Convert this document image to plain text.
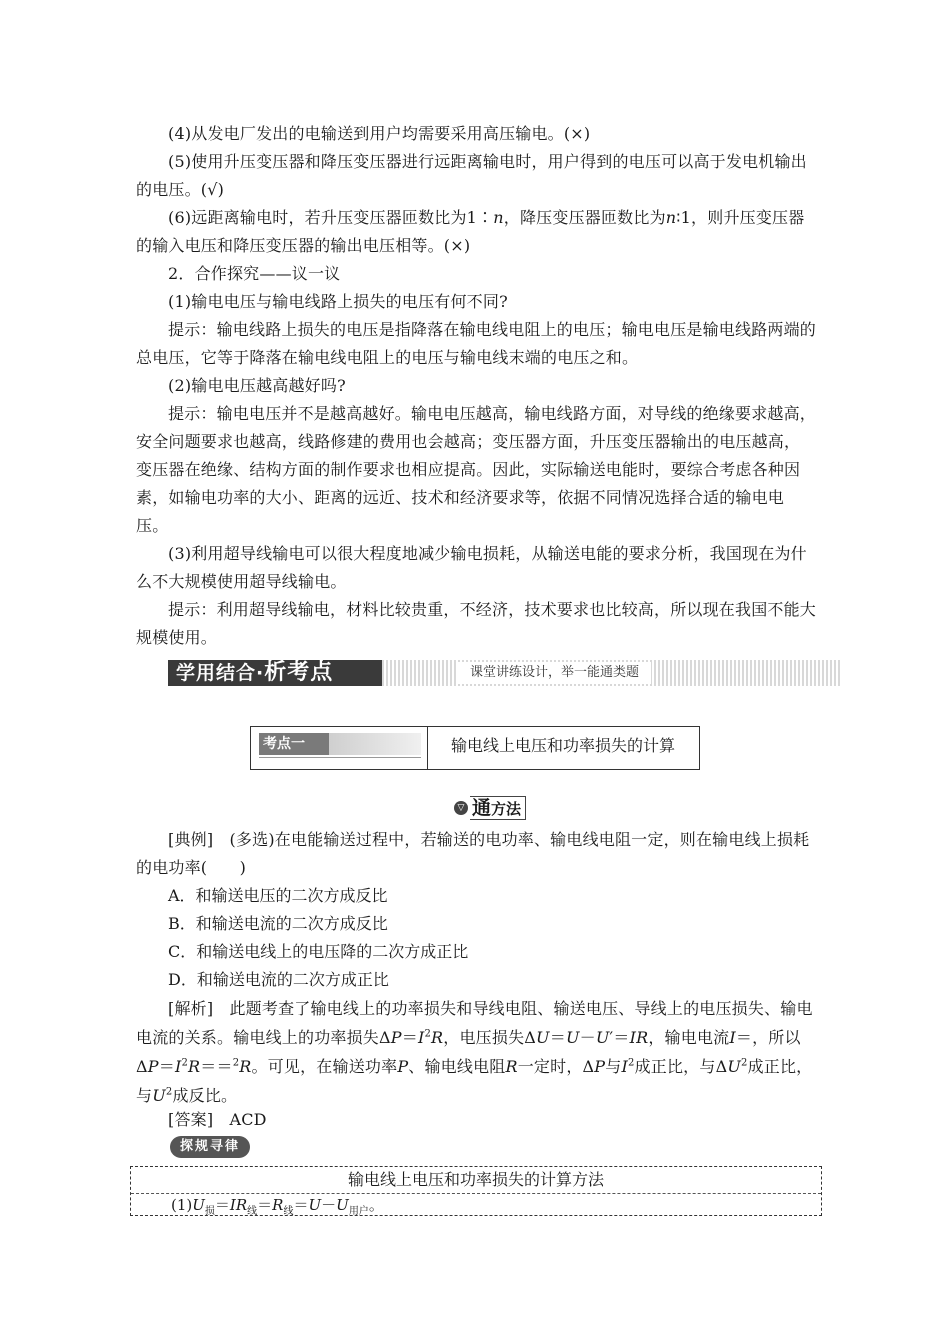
(4)从发电厂发出的电输送到用户均需要采用高压输电。(×)
(5)使用升压变压器和降压变压器进行远距离输电时，用户得到的电压可以高于发电机输出的电压。(√)
(6)远距离输电时，若升压变压器匝数比为1∶n，降压变压器匝数比为n∶1，则升压变压器的输入电压和降压变压器的输出电压相等。(×)
2．合作探究——议一议
(1)输电电压与输电线路上损失的电压有何不同?
提示：输电线路上损失的电压是指降落在输电线电阻上的电压；输电电压是输电线路两端的总电压，它等于降落在输电线电阻上的电压与输电线末端的电压之和。
(2)输电电压越高越好吗?
提示：输电电压并不是越高越好。输电电压越高，输电线路方面，对导线的绝缘要求越高，安全问题要求也越高，线路修建的费用也会越高；变压器方面，升压变压器输出的电压越高，变压器在绝缘、结构方面的制作要求也相应提高。因此，实际输送电能时，要综合考虑各种因素，如输电功率的大小、距离的远近、技术和经济要求等，依据不同情况选择合适的输电电压。
(3)利用超导线输电可以很大程度地减少输电损耗，从输送电能的要求分析，我国现在为什么不大规模使用超导线输电。
提示：利用超导线输电，材料比较贵重，不经济，技术要求也比较高，所以现在我国不能大规模使用。
学用结合·析考点	课堂讲练设计，举一能通类题
考点一	输电线上电压和功率损失的计算
▽ 通方法
[典例]　(多选)在电能输送过程中，若输送的电功率、输电线电阻一定，则在输电线上损耗的电功率(　　)
A．和输送电压的二次方成反比
B．和输送电流的二次方成反比
C．和输送电线上的电压降的二次方成正比
D．和输送电流的二次方成正比
[解析]　此题考查了输电线上的功率损失和导线电阻、输送电压、导线上的电压损失、输电电流的关系。输电线上的功率损失$\Delta P=I^2R$，电压损失ΔU＝U－U′＝IR，输电电流I＝，所以$\Delta P=I^2R==^2R$。可见，在输送功率P、输电线电阻R一定时，ΔP与$I^2$成正比，与$\Delta U^2$成正比，与$U^2$成反比。
[答案]　ACD
探规寻律
输电线上电压和功率损失的计算方法
$(1)U_损=IR_线=R_线=U-U_{用户}$。
